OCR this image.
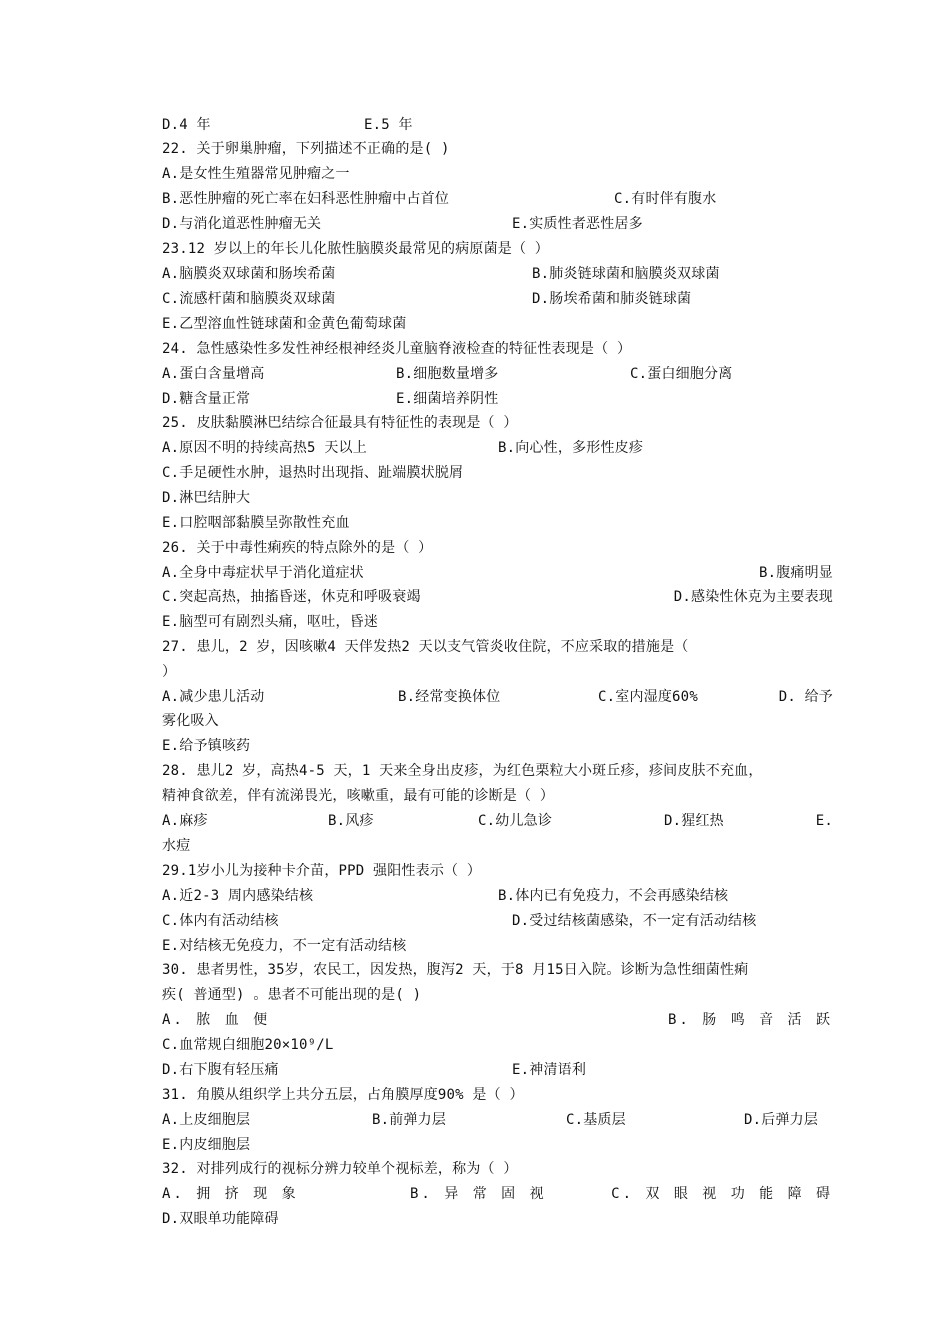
D.4 年	E.5 年
22. 关于卵巢肿瘤，下列描述不正确的是( )
A.是女性生殖器常见肿瘤之一
B.恶性肿瘤的死亡率在妇科恶性肿瘤中占首位	C.有时伴有腹水
D.与消化道恶性肿瘤无关	E.实质性者恶性居多
23.12 岁以上的年长儿化脓性脑膜炎最常见的病原菌是（ ）
A.脑膜炎双球菌和肠埃希菌	B.肺炎链球菌和脑膜炎双球菌
C.流感杆菌和脑膜炎双球菌	D.肠埃希菌和肺炎链球菌
E.乙型溶血性链球菌和金黄色葡萄球菌
24. 急性感染性多发性神经根神经炎儿童脑脊液检查的特征性表现是（ ）
A.蛋白含量增高	B.细胞数量增多	C.蛋白细胞分离
D.糖含量正常	E.细菌培养阴性
25. 皮肤黏膜淋巴结综合征最具有特征性的表现是（ ）
A.原因不明的持续高热5 天以上	B.向心性，多形性皮疹
C.手足硬性水肿，退热时出现指、趾端膜状脱屑
D.淋巴结肿大
E.口腔咽部黏膜呈弥散性充血
26. 关于中毒性痢疾的特点除外的是（ ）
A.全身中毒症状早于消化道症状	B.腹痛明显
C.突起高热，抽搐昏迷，休克和呼吸衰竭	D.感染性休克为主要表现
E.脑型可有剧烈头痛，呕吐，昏迷
27. 患儿，2 岁，因咳嗽4 天伴发热2 天以支气管炎收住院，不应采取的措施是（
）
A.减少患儿活动	B.经常变换体位	C.室内湿度60%	D. 给予
雾化吸入
E.给予镇咳药
28. 患儿2 岁，高热4-5 天，1 天来全身出皮疹，为红色栗粒大小斑丘疹，疹间皮肤不充血，
精神食欲差，伴有流涕畏光，咳嗽重，最有可能的诊断是（ ）
A.麻疹	B.风疹	C.幼儿急诊	D.猩红热	E.
水痘
29.1岁小儿为接种卡介苗，PPD 强阳性表示（ ）
A.近2-3 周内感染结核	B.体内已有免疫力，不会再感染结核
C.体内有活动结核	D.受过结核菌感染，不一定有活动结核
E.对结核无免疫力，不一定有活动结核
30. 患者男性，35岁，农民工，因发热，腹泻2 天，于8 月15日入院。诊断为急性细菌性痢
疾( 普通型) 。患者不可能出现的是( )
A. 脓 血 便	B. 肠 鸣 音 活 跃
C.血常规白细胞20×10⁹/L
D.右下腹有轻压痛	E.神清语利
31. 角膜从组织学上共分五层，占角膜厚度90% 是（ ）
A.上皮细胞层	B.前弹力层	C.基质层	D.后弹力层
E.内皮细胞层
32. 对排列成行的视标分辨力较单个视标差，称为（ ）
A. 拥 挤 现 象	B. 异 常 固 视	C. 双 眼 视 功 能 障 碍
D.双眼单功能障碍
